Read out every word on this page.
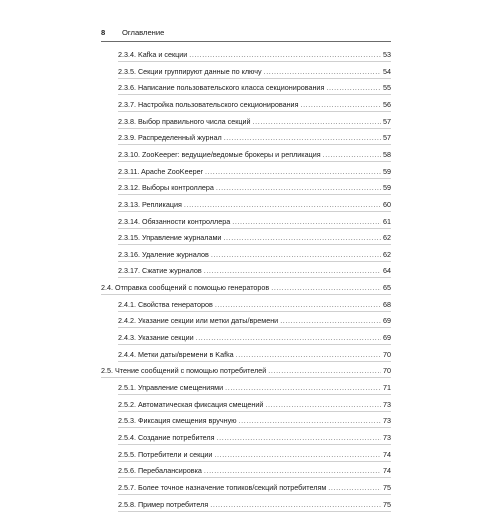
8 Оглавление
2.3.4. Kafka и секции .....	53
2.3.5. Секции группируют данные по ключу .....	54
2.3.6. Написание пользовательского класса секционирования .....	55
2.3.7. Настройка пользовательского секционирования .....	56
2.3.8. Выбор правильного числа секций .....	57
2.3.9. Распределенный журнал .....	57
2.3.10. ZooKeeper: ведущие/ведомые брокеры и репликация .....	58
2.3.11. Apache ZooKeeper .....	59
2.3.12. Выборы контроллера .....	59
2.3.13. Репликация .....	60
2.3.14. Обязанности контроллера .....	61
2.3.15. Управление журналами .....	62
2.3.16. Удаление журналов .....	62
2.3.17. Сжатие журналов .....	64
2.4. Отправка сообщений с помощью генераторов .....	65
2.4.1. Свойства генераторов .....	68
2.4.2. Указание секции или метки даты/времени .....	69
2.4.3. Указание секции .....	69
2.4.4. Метки даты/времени в Kafka .....	70
2.5. Чтение сообщений с помощью потребителей .....	70
2.5.1. Управление смещениями .....	71
2.5.2. Автоматическая фиксация смещений .....	73
2.5.3. Фиксация смещения вручную .....	73
2.5.4. Создание потребителя .....	73
2.5.5. Потребители и секции .....	74
2.5.6. Перебалансировка .....	74
2.5.7. Более точное назначение топиков/секций потребителям .....	75
2.5.8. Пример потребителя .....	75
